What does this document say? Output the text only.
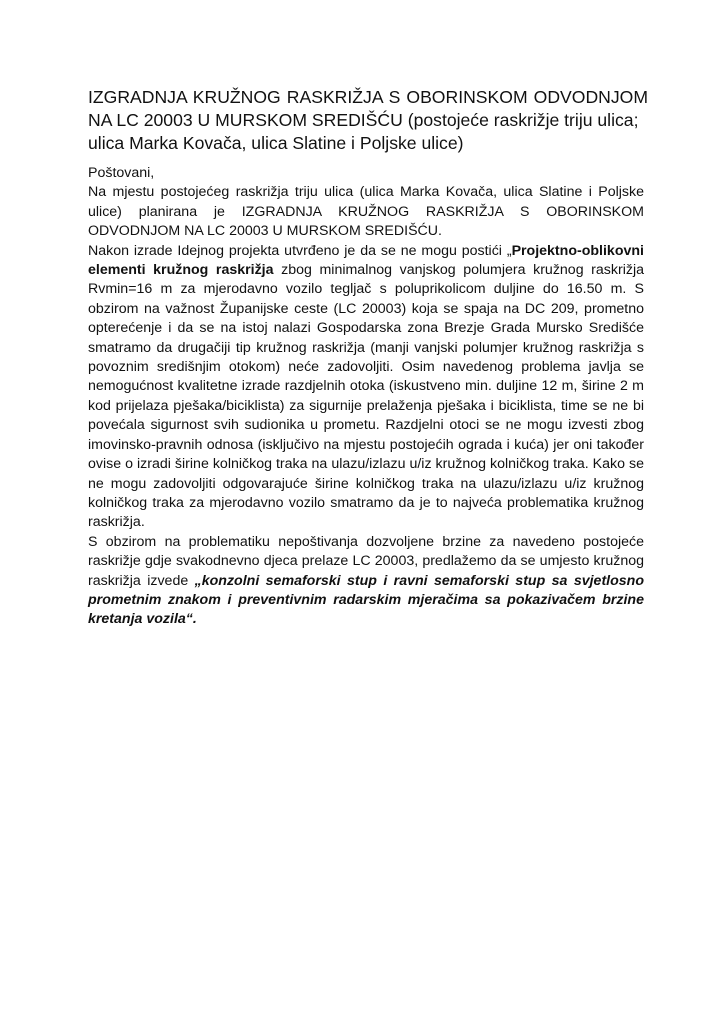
IZGRADNJA KRUŽNOG RASKRIŽJA S OBORINSKOM ODVODNJOM
NA LC 20003 U MURSKOM SREDIŠĆU (postojeće raskrižje triju ulica; ulica Marka Kovača, ulica Slatine i Poljske ulice)

Poštovani,

Na mjestu postojećeg raskrižja triju ulica (ulica Marka Kovača, ulica Slatine i Poljske ulice) planirana je IZGRADNJA KRUŽNOG RASKRIŽJA S OBORINSKOM ODVODNJOM NA LC 20003 U MURSKOM SREDIŠĆU.

Nakon izrade Idejnog projekta utvrđeno je da se ne mogu postići „Projektno-oblikovni elementi kružnog raskrižja zbog minimalnog vanjskog polumjera kružnog raskrižja Rvmin=16 m za mjerodavno vozilo tegljač s poluprikolicom duljine do 16.50 m. S obzirom na važnost Županijske ceste (LC 20003) koja se spaja na DC 209, prometno opterećenje i da se na istoj nalazi Gospodarska zona Brezje Grada Mursko Središće smatramo da drugačiji tip kružnog raskrižja (manji vanjski polumjer kružnog raskrižja s povoznim središnjim otokom) neće zadovoljiti. Osim navedenog problema javlja se nemogućnost kvalitetne izrade razdjelnih otoka (iskustveno min. duljine 12 m, širine 2 m kod prijelaza pješaka/biciklista) za sigurnije prelaženja pješaka i biciklista, time se ne bi povećala sigurnost svih sudionika u prometu. Razdjelni otoci se ne mogu izvesti zbog imovinsko-pravnih odnosa (isključivo na mjestu postojećih ograda i kuća) jer oni također ovise o izradi širine kolničkog traka na ulazu/izlazu u/iz kružnog kolničkog traka. Kako se ne mogu zadovoljiti odgovarajuće širine kolničkog traka na ulazu/izlazu u/iz kružnog kolničkog traka za mjerodavno vozilo smatramo da je to najveća problematika kružnog raskrižja.

S obzirom na problematiku nepoštivanja dozvoljene brzine za navedeno postojeće raskrižje gdje svakodnevno djeca prelaze LC 20003, predlažemo da se umjesto kružnog raskrižja izvede „konzolni semaforski stup i ravni semaforski stup sa svjetlosno prometnim znakom i preventivnim radarskim mjeračima sa pokazivačem brzine kretanja vozila“.
